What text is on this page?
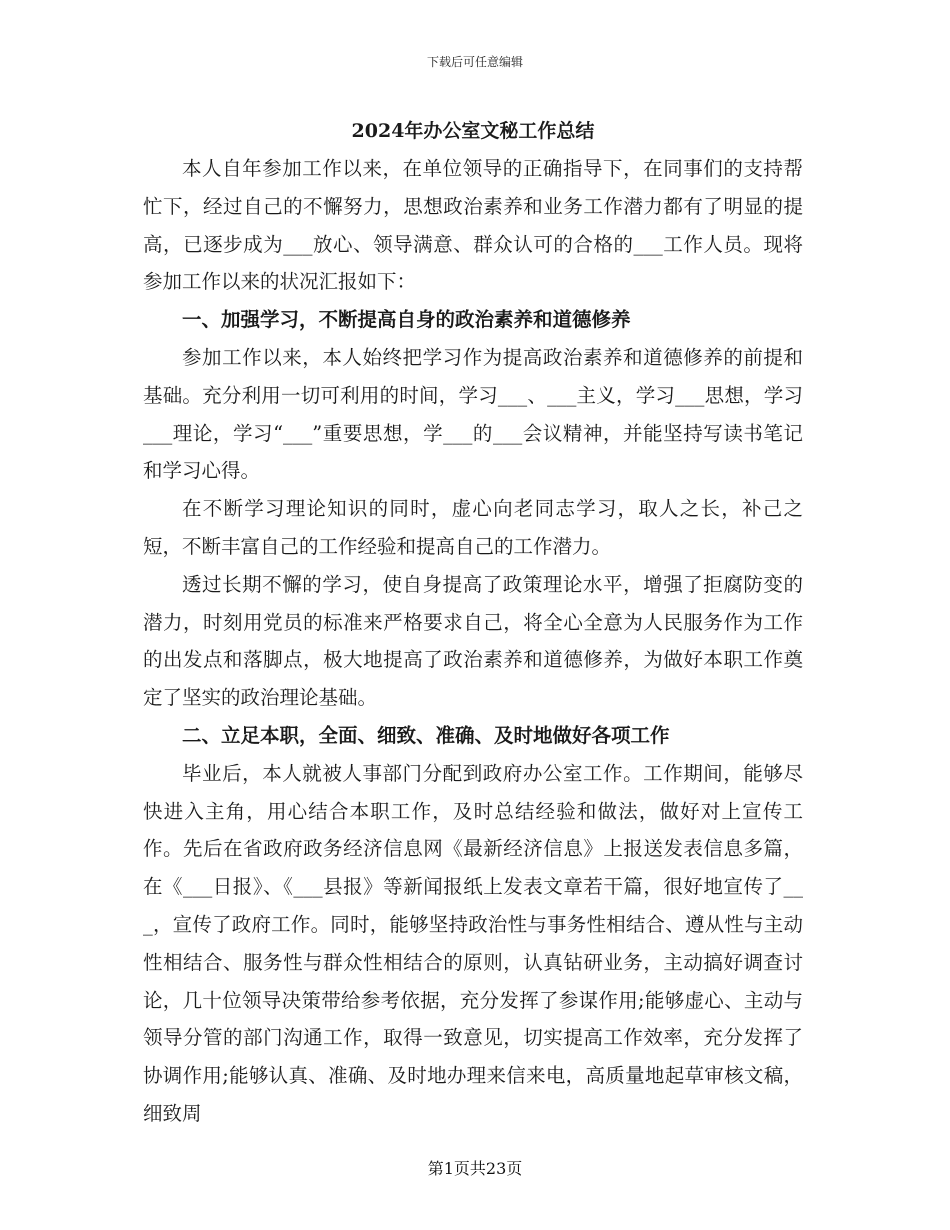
下载后可任意编辑
2024年办公室文秘工作总结

本人自年参加工作以来，在单位领导的正确指导下，在同事们的支持帮忙下，经过自己的不懈努力，思想政治素养和业务工作潜力都有了明显的提高，已逐步成为___放心、领导满意、群众认可的合格的___工作人员。现将参加工作以来的状况汇报如下：

一、加强学习，不断提高自身的政治素养和道德修养

参加工作以来，本人始终把学习作为提高政治素养和道德修养的前提和基础。充分利用一切可利用的时间，学习___、___主义，学习___思想，学习___理论，学习“___”重要思想，学___的___会议精神，并能坚持写读书笔记和学习心得。

在不断学习理论知识的同时，虚心向老同志学习，取人之长，补己之短，不断丰富自己的工作经验和提高自己的工作潜力。

透过长期不懈的学习，使自身提高了政策理论水平，增强了拒腐防变的潜力，时刻用党员的标准来严格要求自己，将全心全意为人民服务作为工作的出发点和落脚点，极大地提高了政治素养和道德修养，为做好本职工作奠定了坚实的政治理论基础。

二、立足本职，全面、细致、准确、及时地做好各项工作

毕业后，本人就被人事部门分配到政府办公室工作。工作期间，能够尽快进入主角，用心结合本职工作，及时总结经验和做法，做好对上宣传工作。先后在省政府政务经济信息网《最新经济信息》上报送发表信息多篇，在《___日报》、《___县报》等新闻报纸上发表文章若干篇，很好地宣传了___，宣传了政府工作。同时，能够坚持政治性与事务性相结合、遵从性与主动性相结合、服务性与群众性相结合的原则，认真钻研业务，主动搞好调查讨论，几十位领导决策带给参考依据，充分发挥了参谋作用;能够虚心、主动与领导分管的部门沟通工作，取得一致意见，切实提高工作效率，充分发挥了协调作用;能够认真、准确、及时地办理来信来电，高质量地起草审核文稿，细致周

第1页共23页
